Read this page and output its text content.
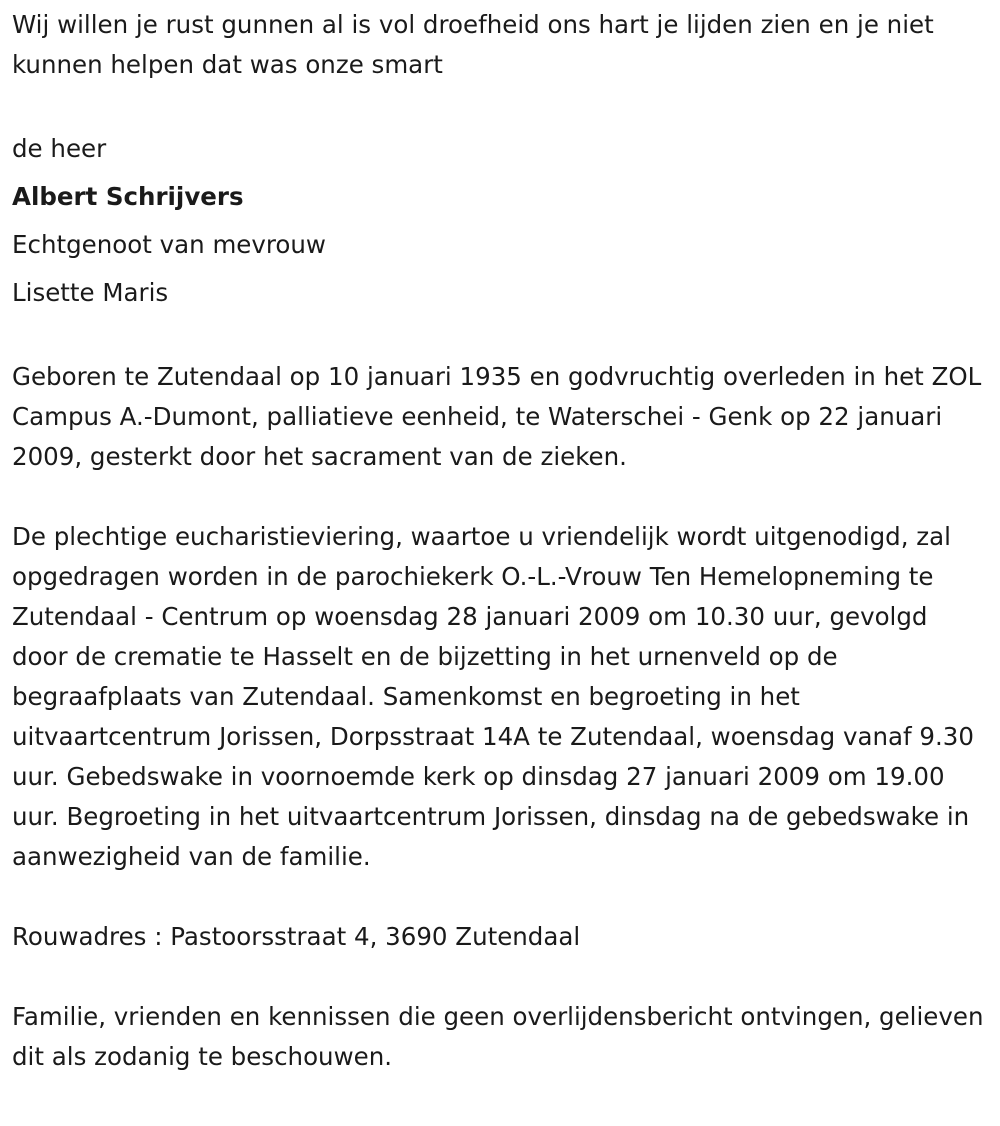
Wij willen je rust gunnen al is vol droefheid ons hart je lijden zien en je niet kunnen helpen dat was onze smart

de heer

Albert Schrijvers

Echtgenoot van mevrouw

Lisette Maris

Geboren te Zutendaal op 10 januari 1935 en godvruchtig overleden in het ZOL Campus A.-Dumont, palliatieve eenheid, te Waterschei - Genk op 22 januari 2009, gesterkt door het sacrament van de zieken.

De plechtige eucharistieviering, waartoe u vriendelijk wordt uitgenodigd, zal opgedragen worden in de parochiekerk O.-L.-Vrouw Ten Hemelopneming te Zutendaal - Centrum op woensdag 28 januari 2009 om 10.30 uur, gevolgd door de crematie te Hasselt en de bijzetting in het urnenveld op de begraafplaats van Zutendaal. Samenkomst en begroeting in het uitvaartcentrum Jorissen, Dorpsstraat 14A te Zutendaal, woensdag vanaf 9.30 uur. Gebedswake in voornoemde kerk op dinsdag 27 januari 2009 om 19.00 uur. Begroeting in het uitvaartcentrum Jorissen, dinsdag na de gebedswake in aanwezigheid van de familie.

Rouwadres : Pastoorsstraat 4, 3690 Zutendaal

Familie, vrienden en kennissen die geen overlijdensbericht ontvingen, gelieven dit als zodanig te beschouwen.
